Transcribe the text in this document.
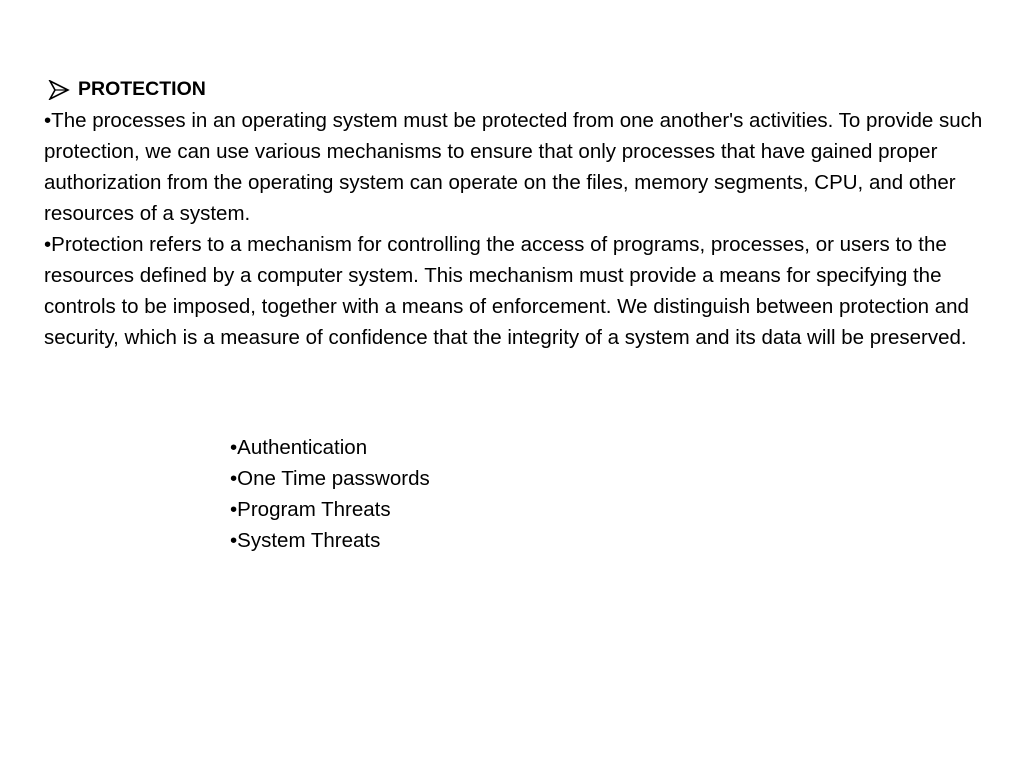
PROTECTION

•The processes in an operating system must be protected from one another's activities. To provide such protection, we can use various mechanisms to ensure that only processes that have gained proper authorization from the operating system can operate on the files, memory segments, CPU, and other resources of a system.

•Protection refers to a mechanism for controlling the access of programs, processes, or users to the resources defined by a computer system. This mechanism must provide a means for specifying the controls to be imposed, together with a means of enforcement. We distinguish between protection and security, which is a measure of confidence that the integrity of a system and its data will be preserved.

•Authentication
•One Time passwords
•Program Threats
•System Threats
